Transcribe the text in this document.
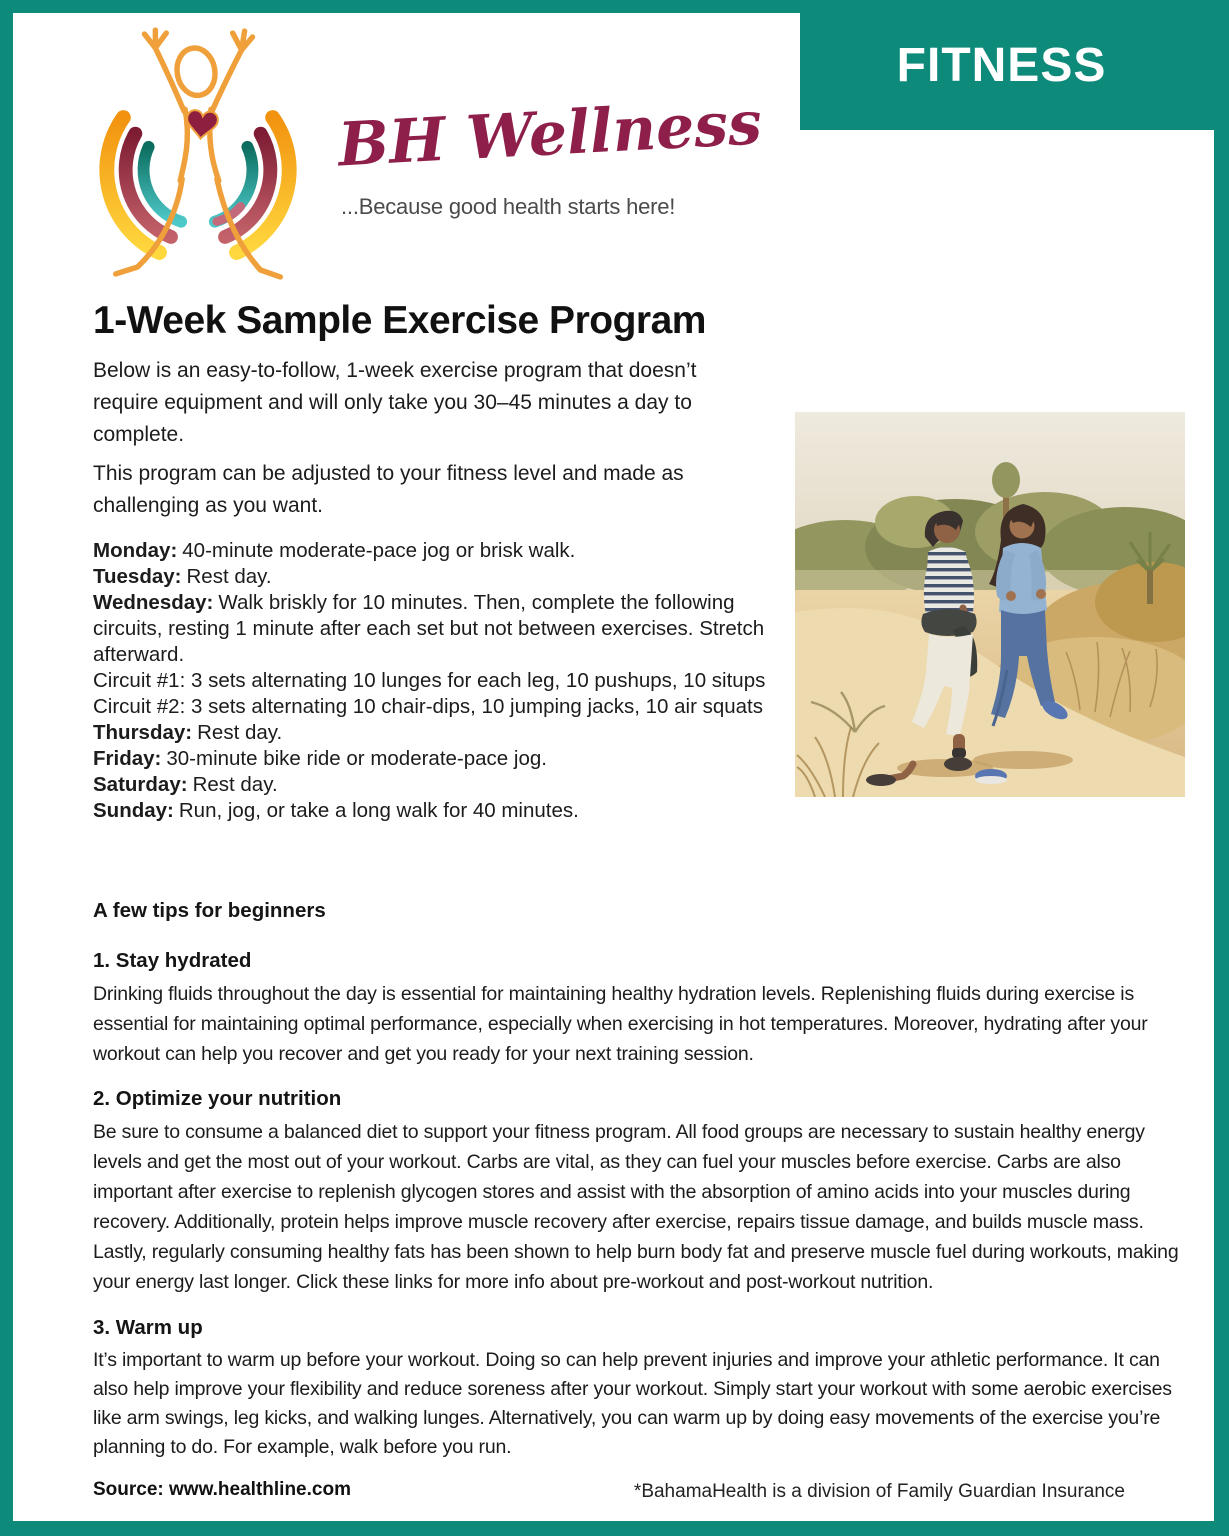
FITNESS
BH Wellness
...Because good health starts here!
1-Week Sample Exercise Program

Below is an easy-to-follow, 1-week exercise program that doesn’t require equipment and will only take you 30–45 minutes a day to complete.

This program can be adjusted to your fitness level and made as challenging as you want.

Monday: 40-minute moderate-pace jog or brisk walk.

Tuesday: Rest day.

Wednesday: Walk briskly for 10 minutes. Then, complete the following circuits, resting 1 minute after each set but not between exercises. Stretch afterward.

Circuit #1: 3 sets alternating 10 lunges for each leg, 10 pushups, 10 situps

Circuit #2: 3 sets alternating 10 chair-dips, 10 jumping jacks, 10 air squats

Thursday: Rest day.

Friday: 30-minute bike ride or moderate-pace jog.

Saturday: Rest day.

Sunday: Run, jog, or take a long walk for 40 minutes.

A few tips for beginners
1. Stay hydrated

Drinking fluids throughout the day is essential for maintaining healthy hydration levels. Replenishing fluids during exercise is essential for maintaining optimal performance, especially when exercising in hot temperatures. Moreover, hydrating after your workout can help you recover and get you ready for your next training session.

2. Optimize your nutrition

Be sure to consume a balanced diet to support your fitness program. All food groups are necessary to sustain healthy energy levels and get the most out of your workout. Carbs are vital, as they can fuel your muscles before exercise. Carbs are also important after exercise to replenish glycogen stores and assist with the absorption of amino acids into your muscles during recovery. Additionally, protein helps improve muscle recovery after exercise, repairs tissue damage, and builds muscle mass. Lastly, regularly consuming healthy fats has been shown to help burn body fat and preserve muscle fuel during workouts, making your energy last longer. Click these links for more info about pre-workout and post-workout nutrition.

3. Warm up

It’s important to warm up before your workout. Doing so can help prevent injuries and improve your athletic performance. It can also help improve your flexibility and reduce soreness after your workout. Simply start your workout with some aerobic exercises like arm swings, leg kicks, and walking lunges. Alternatively, you can warm up by doing easy movements of the exercise you’re planning to do. For example, walk before you run.

Source: www.healthline.com	*BahamaHealth is a division of Family Guardian Insurance
